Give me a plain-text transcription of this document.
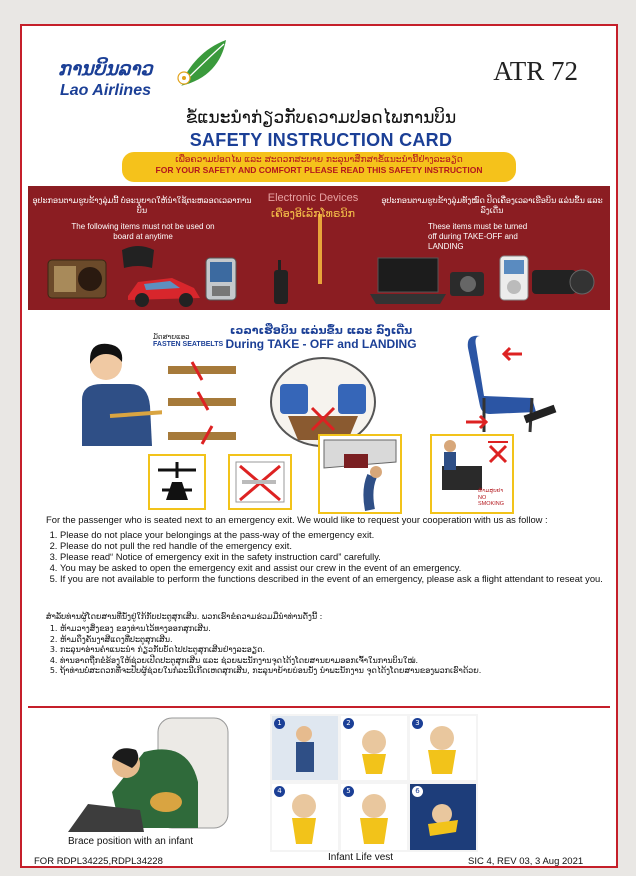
ການບິນລາວ
Lao Airlines
ATR 72
ຂໍ້ແນະນຳກ່ຽວກັບຄວາມປອດໄພການບິນ
SAFETY INSTRUCTION CARD
ເພື່ອຄວາມປອດໄພ ແລະ ສະດວກສະບາຍ ກະລຸນາສຶກສາຂໍ້ແນະນຳນີ້ຢ່າງລະອຽດ
FOR YOUR SAFETY AND COMFORT PLEASE READ THIS SAFETY INSTRUCTION
ອຸປະກອນຕາມຮູບຂ້າງລຸ່ມນີ້ ບໍ່ອະນຸຍາດໃຫ້ນຳໃຊ້ຕະຫລອດເວລາການບິນ
The following items must not be used on board at anytime
ອຸປະກອນຕາມຮູບຂ້າງລຸ່ມທັງໝົດ ປິດເຄື່ອງເວລາເຮືອບິນ ແລ່ນຂຶ້ນ ແລະ ລົງເດີ່ນ
These items must be turned off during TAKE-OFF and LANDING
Electronic Devices
ເຄື່ອງອີເລັກໂທຣນິກ
ເວລາເຮືອບິນ ແລ່ນຂຶ້ນ ແລະ ລົງເດີ່ນ
During TAKE - OFF and LANDING
ມັດສາຍແອວ
FASTEN SEATBELTS
ຫ້າມສູບຢາ
NO SMOKING
For the passenger who is seated next to an emergency exit. We would like to request your cooperation with us as follow :
1. Please do not place your belongings at the pass-way of the emergency exit.
2. Please do not pull the red handle of the emergency exit.
3. Please read“ Notice of emergency exit in the safety instruction card” carefully.
4. You may be asked to open the emergency exit and assist our crew in the event of an emergency.
5. If you are not available to perform the functions described in the event of an emergency, please ask a flight attendant to reseat you.
ສຳລັບທ່ານຜູ້ໂດຍສານທີ່ນັ່ງຢູ່ໃກ້ກັບປະຕູສຸກເສີນ. ພວກເຮົາຂໍຄວາມຮ່ວມມືນຳທ່ານດັ່ງນີ້ :
1. ຫ້າມວາງສິ່ງຂອງ ຂອງທ່ານໄວ້ທາງອອກສຸກເສີນ.
2. ຫ້າມດຶງຄັນງາສີແດງທີ່ປະຕູສຸກເສີນ.
3. ກະລຸນາອ່ານຄຳແນະນຳ ກ່ຽວກັບບັດໄປປະຕູສຸກເສີນຢ່າງລະອຽດ.
4. ທ່ານອາດຖືກຂໍຮ້ອງໃຫ້ຊ່ວຍເປີດປະຕູສຸກເສີນ ແລະ ຊ່ວຍພະນັກງານຈຸດໄດ້ງໂດຍສານຍາມອອກເຈົ້າໃນການບິນໃໝ່.
5. ຖ້າທ່ານບໍ່ສະດວກທີ່ຈະປັບຜູ້ຊ່ວຍໃນກໍລະນີເກີດເຫດສຸກເສີນ, ກະລຸນາຍ້າຍບ່ອນນັ່ງ ນຳພະນັກງານ ຈຸດໄດ້ງໂດຍສານຂອງພວກເຮົາດ້ວຍ.
Brace position with an infant
1	2	3
4	5	6
Infant Life vest
FOR RDPL34225,RDPL34228	SIC 4, REV 03, 3 Aug 2021
